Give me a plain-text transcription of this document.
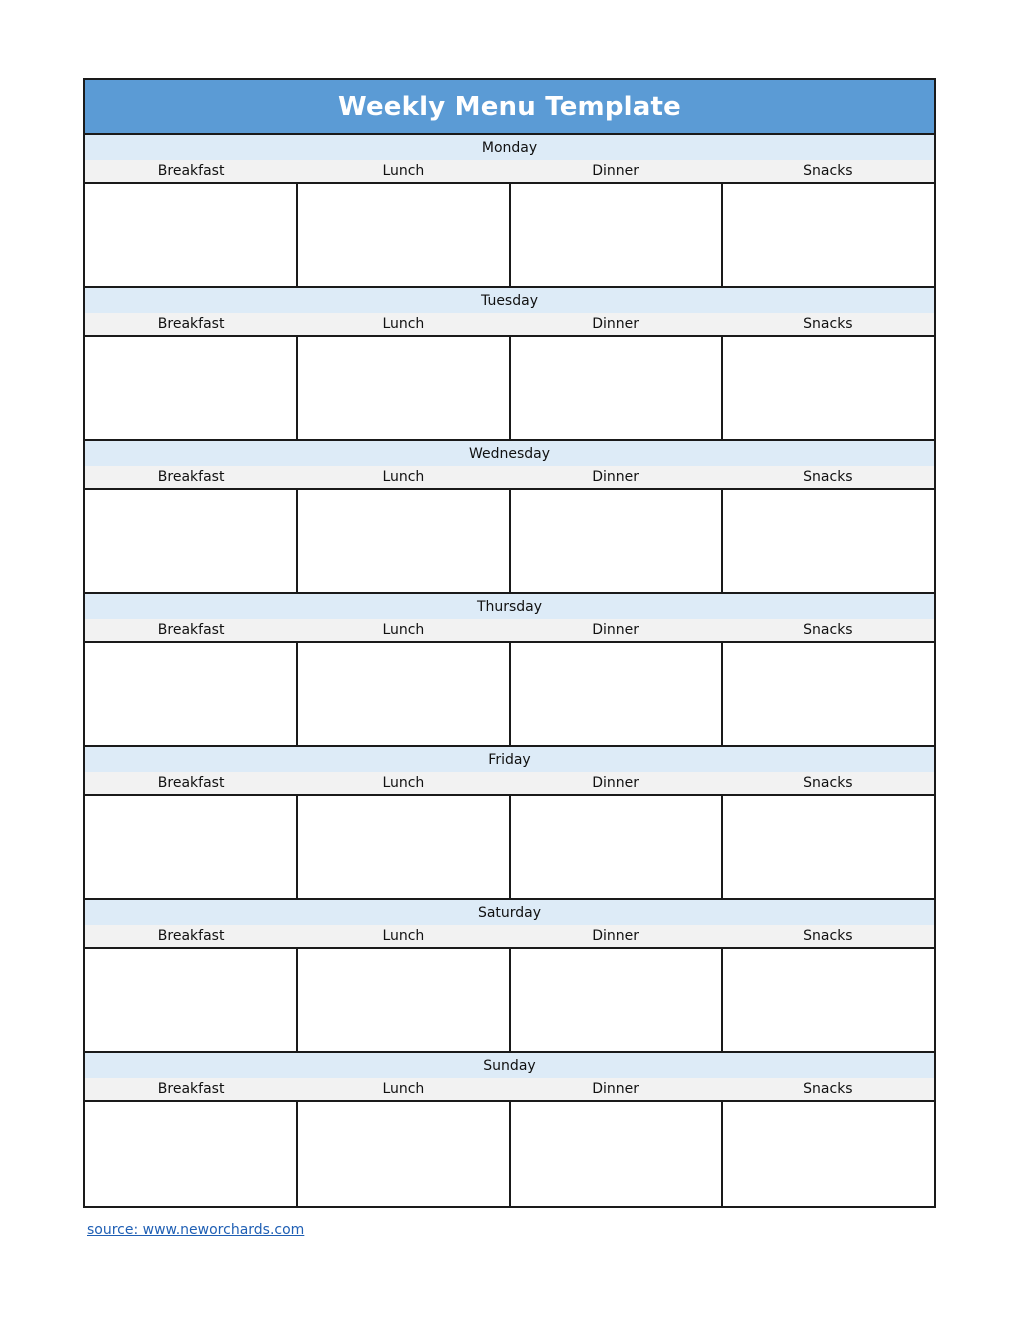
Weekly Menu Template
Monday
Breakfast	Lunch	Dinner	Snacks
Tuesday
Breakfast	Lunch	Dinner	Snacks
Wednesday
Breakfast	Lunch	Dinner	Snacks
Thursday
Breakfast	Lunch	Dinner	Snacks
Friday
Breakfast	Lunch	Dinner	Snacks
Saturday
Breakfast	Lunch	Dinner	Snacks
Sunday
Breakfast	Lunch	Dinner	Snacks
source: www.neworchards.com
